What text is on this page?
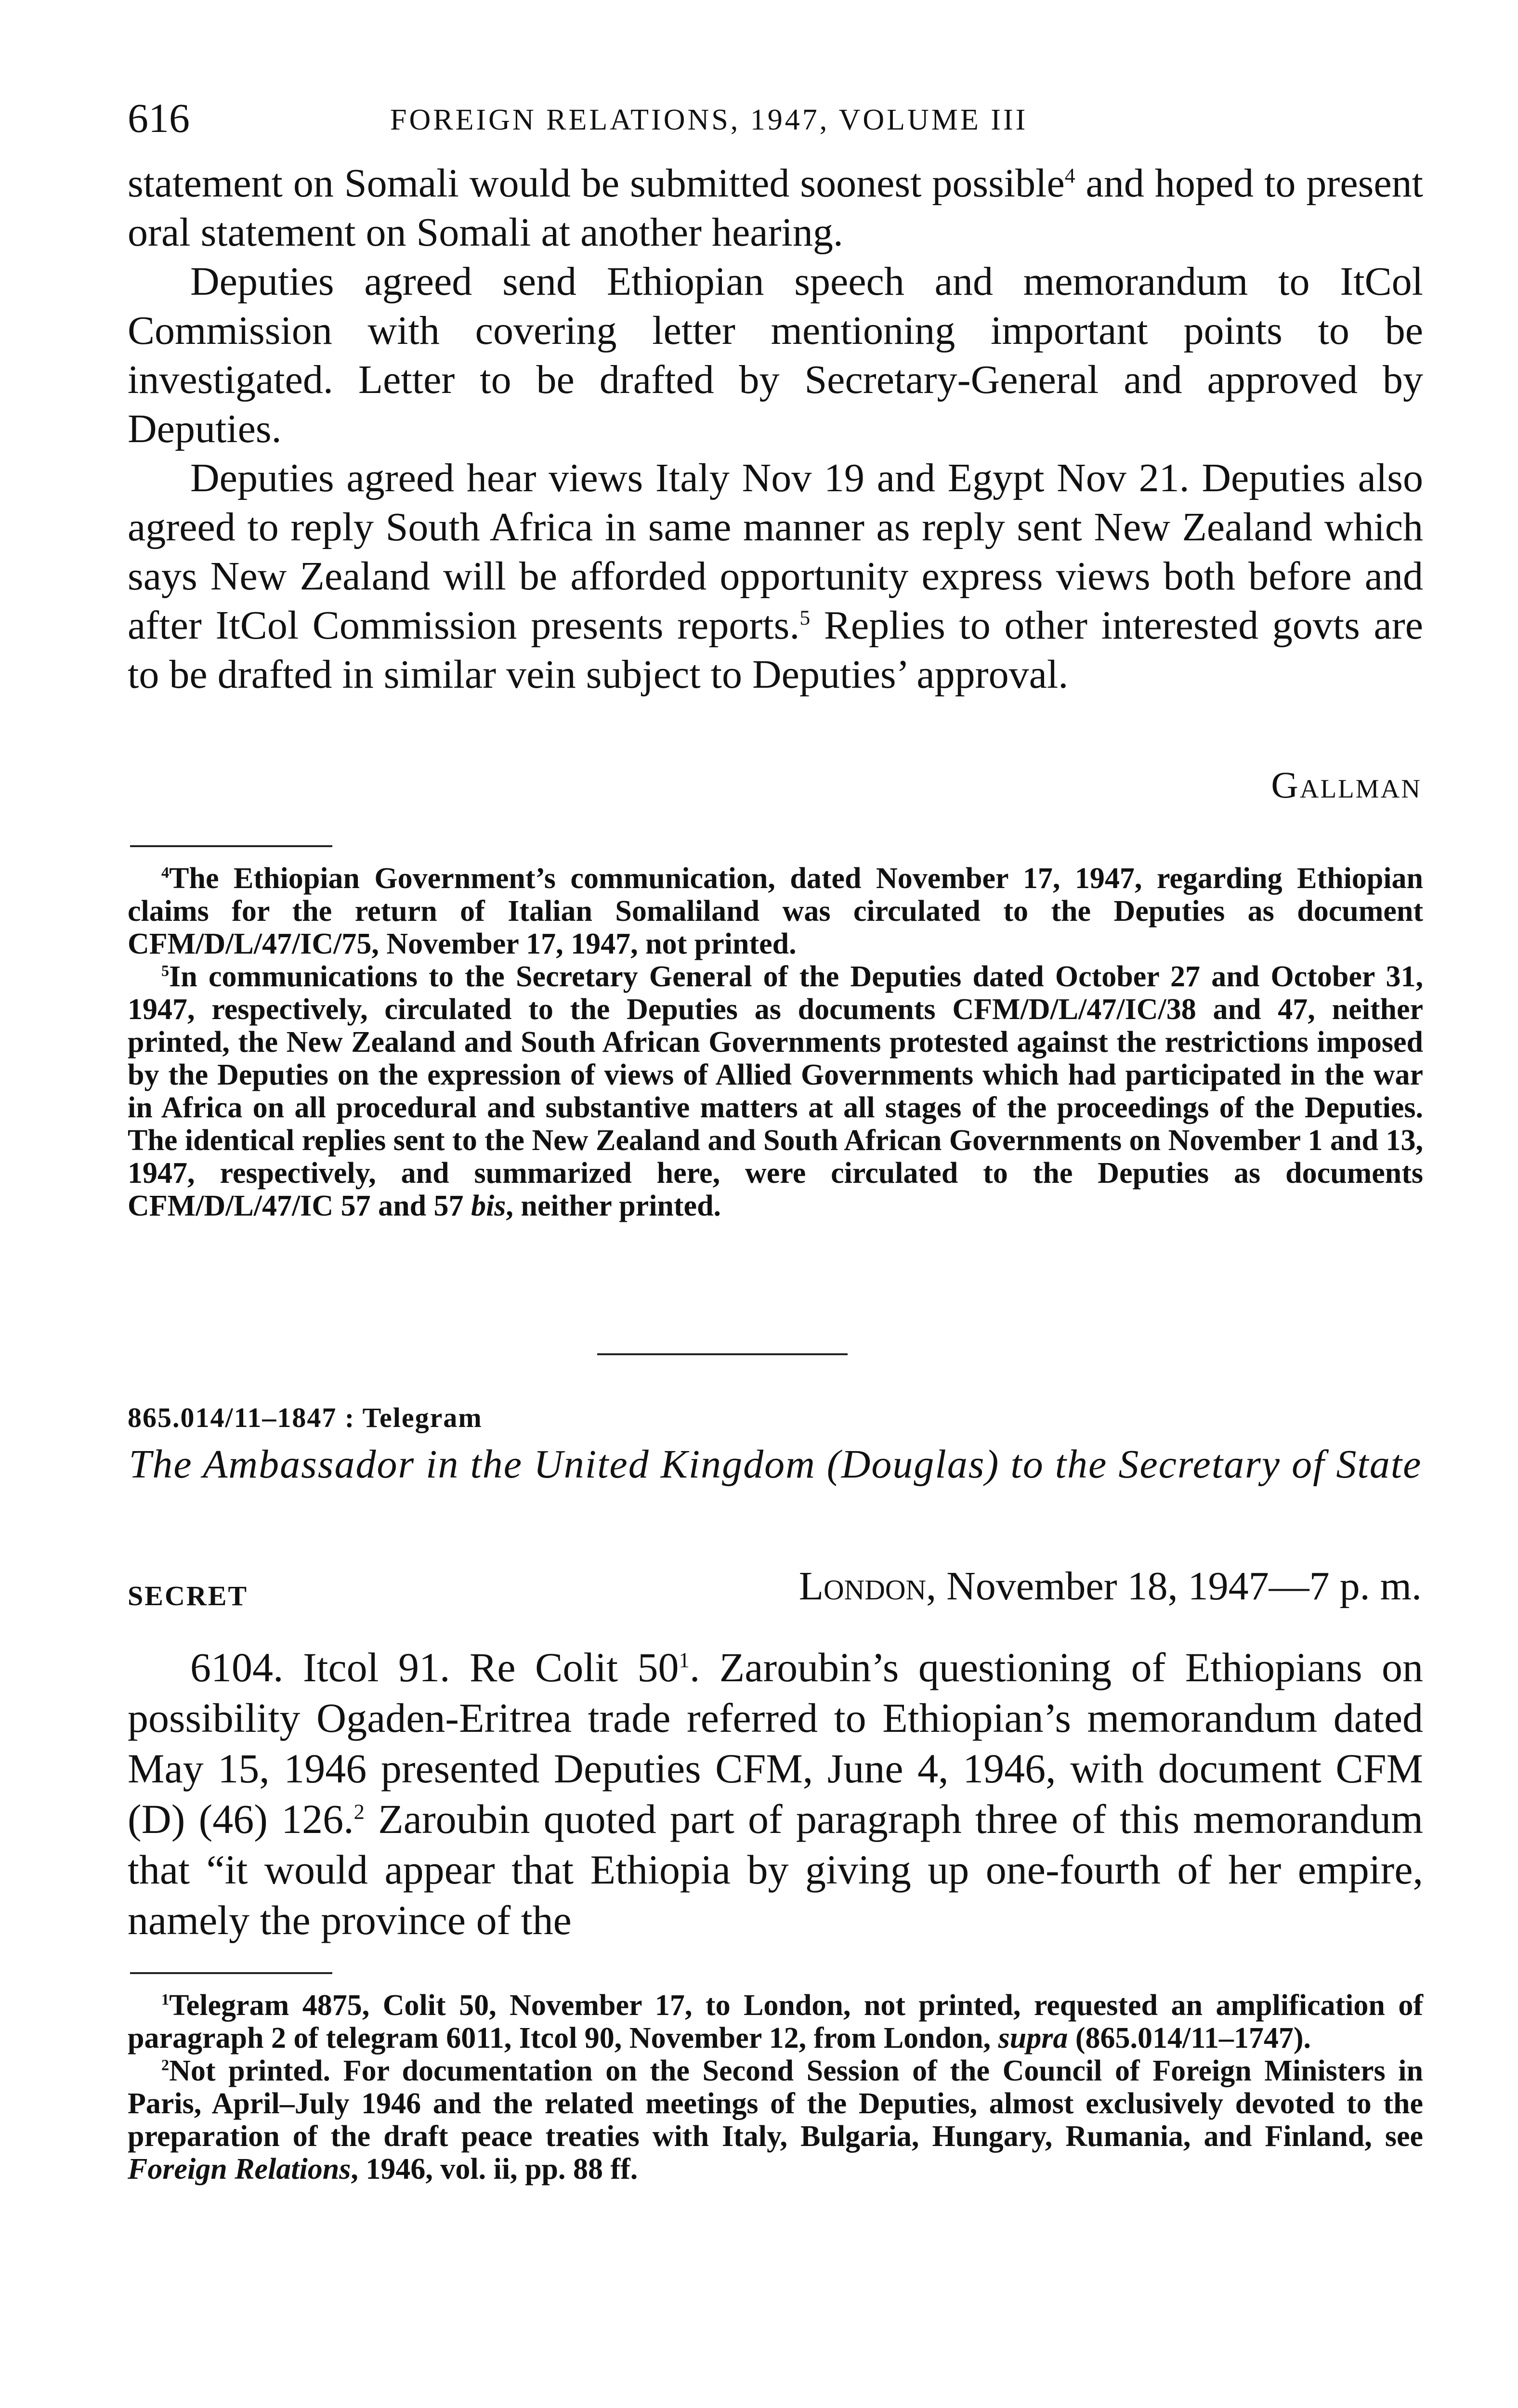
616	FOREIGN RELATIONS, 1947, VOLUME III

statement on Somali would be submitted soonest possible$^4$ and hoped to present oral statement on Somali at another hearing.

Deputies agreed send Ethiopian speech and memorandum to ItCol Commission with covering letter mentioning important points to be investigated. Letter to be drafted by Secretary-General and approved by Deputies.

Deputies agreed hear views Italy Nov 19 and Egypt Nov 21. Deputies also agreed to reply South Africa in same manner as reply sent New Zealand which says New Zealand will be afforded opportunity express views both before and after ItCol Commission presents reports.$^5$ Replies to other interested govts are to be drafted in similar vein subject to Deputies’ approval.

Gallman

$^4$The Ethiopian Government’s communication, dated November 17, 1947, regarding Ethiopian claims for the return of Italian Somaliland was circulated to the Deputies as document CFM/D/L/47/IC/75, November 17, 1947, not printed.

$^5$In communications to the Secretary General of the Deputies dated October 27 and October 31, 1947, respectively, circulated to the Deputies as documents CFM/D/L/47/IC/38 and 47, neither printed, the New Zealand and South African Governments protested against the restrictions imposed by the Deputies on the expression of views of Allied Governments which had participated in the war in Africa on all procedural and substantive matters at all stages of the proceedings of the Deputies. The identical replies sent to the New Zealand and South African Governments on November 1 and 13, 1947, respectively, and summarized here, were circulated to the Deputies as documents CFM/D/L/47/IC 57 and 57 bis, neither printed.

865.014/11–1847 : Telegram
The Ambassador in the United Kingdom (Douglas) to the Secretary of State
SECRET	London, November 18, 1947—7 p. m.

6104. Itcol 91. Re Colit $50^1$. Zaroubin’s questioning of Ethiopians on possibility Ogaden-Eritrea trade referred to Ethiopian’s memorandum dated May 15, 1946 presented Deputies CFM, June 4, 1946, with document CFM (D) (46) 126.$^2$ Zaroubin quoted part of paragraph three of this memorandum that “it would appear that Ethiopia by giving up one-fourth of her empire, namely the province of the

$^1$Telegram 4875, Colit 50, November 17, to London, not printed, requested an amplification of paragraph 2 of telegram 6011, Itcol 90, November 12, from London, supra (865.014/11–1747).

$^2$Not printed. For documentation on the Second Session of the Council of Foreign Ministers in Paris, April–July 1946 and the related meetings of the Deputies, almost exclusively devoted to the preparation of the draft peace treaties with Italy, Bulgaria, Hungary, Rumania, and Finland, see Foreign Relations, 1946, vol. ii, pp. 88 ff.
